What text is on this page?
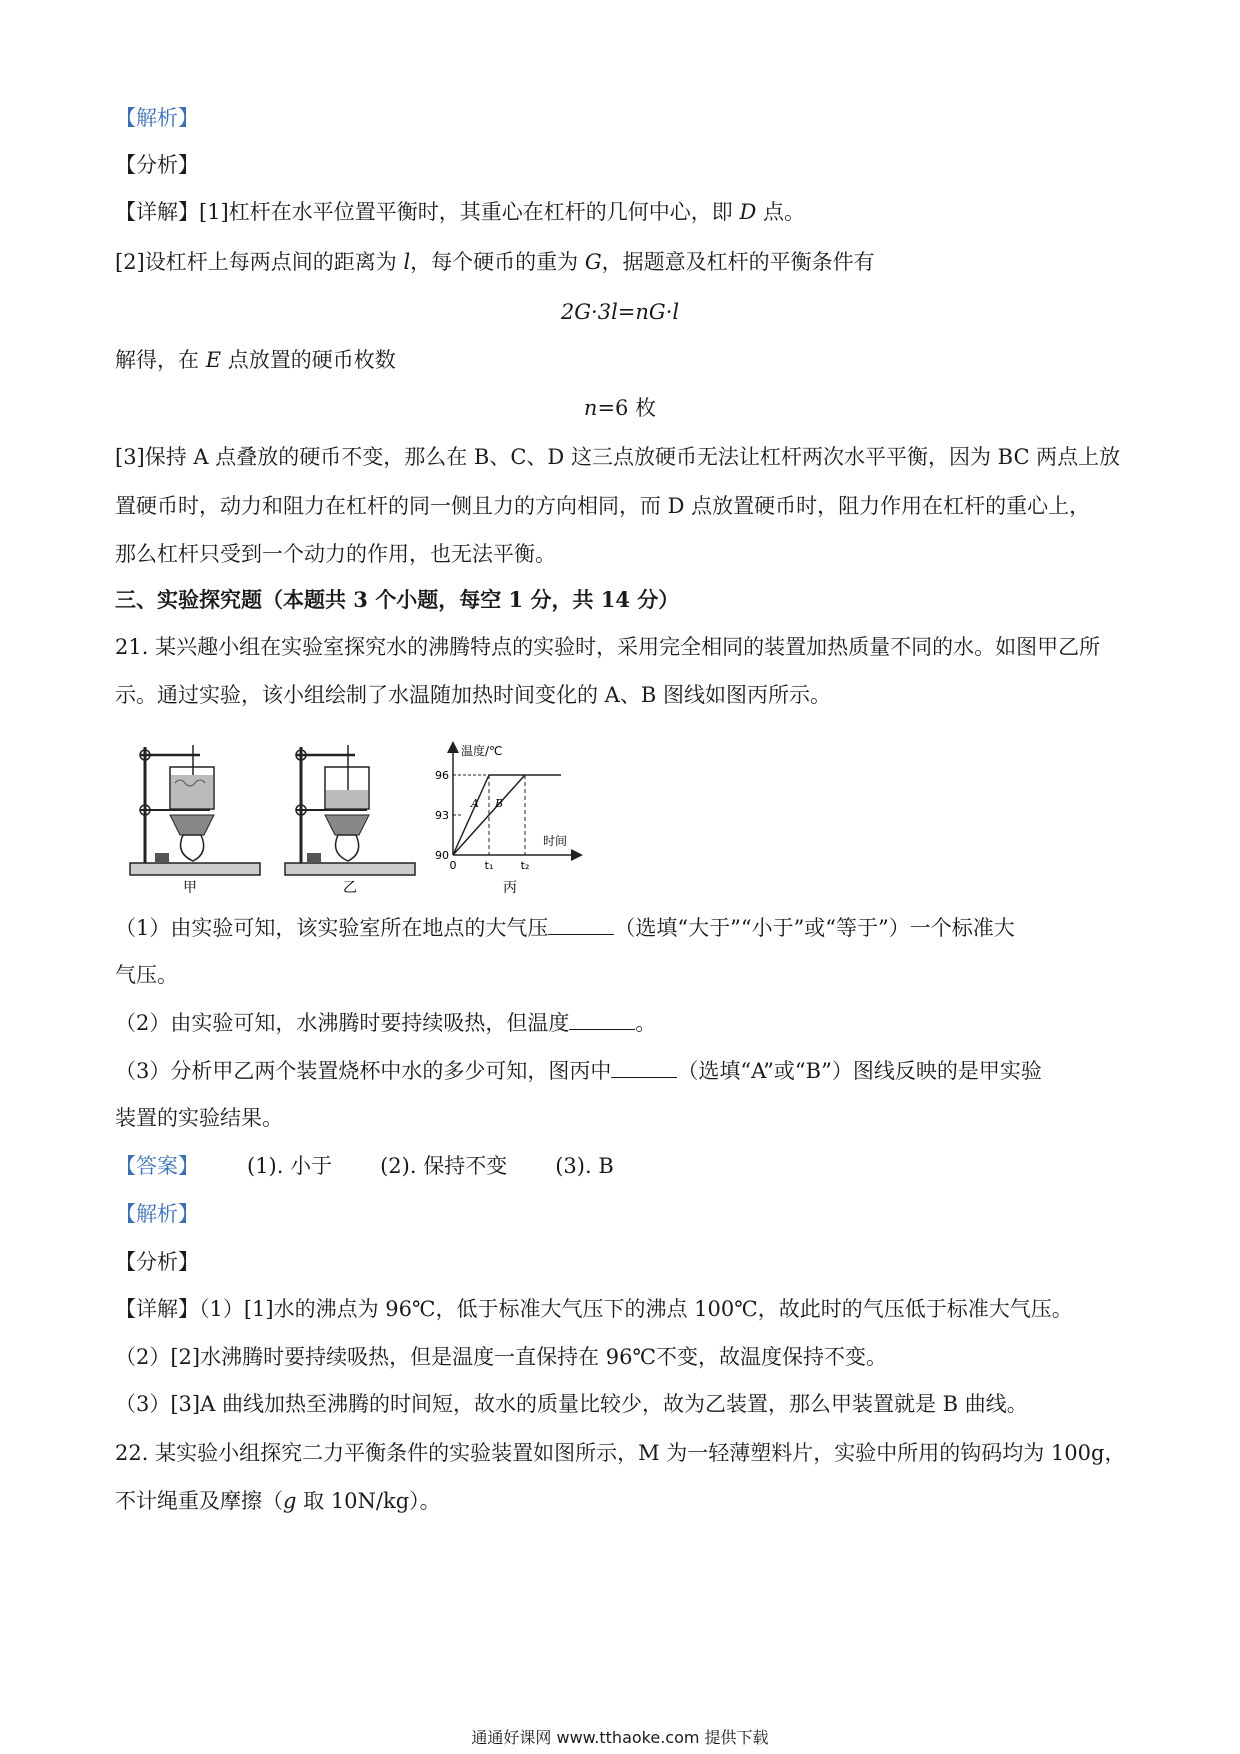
【解析】
【分析】
【详解】[1]杠杆在水平位置平衡时，其重心在杠杆的几何中心，即 D 点。
[2]设杠杆上每两点间的距离为 l，每个硬币的重为 G，据题意及杠杆的平衡条件有
2G·3l=nG·l
解得，在 E 点放置的硬币枚数
n=6 枚
[3]保持 A 点叠放的硬币不变，那么在 B、C、D 这三点放硬币无法让杠杆两次水平平衡，因为 BC 两点上放
置硬币时，动力和阻力在杠杆的同一侧且力的方向相同，而 D 点放置硬币时，阻力作用在杠杆的重心上，
那么杠杆只受到一个动力的作用，也无法平衡。
三、实验探究题（本题共 3 个小题，每空 1 分，共 14 分）
21. 某兴趣小组在实验室探究水的沸腾特点的实验时，采用完全相同的装置加热质量不同的水。如图甲乙所
示。通过实验，该小组绘制了水温随加热时间变化的 A、B 图线如图丙所示。
甲	乙
90
93
96
0	t₁ t₂
A B
温度/℃
时间
丙
（1）由实验可知，该实验室所在地点的大气压	（选填“大于”“小于”或“等于”）一个标准大
气压。
（2）由实验可知，水沸腾时要持续吸热，但温度	。
（3）分析甲乙两个装置烧杯中水的多少可知，图丙中	（选填“A”或“B”）图线反映的是甲实验
装置的实验结果。
【答案】 (1). 小于 (2). 保持不变 (3). B
【解析】
【分析】
【详解】（1）[1]水的沸点为 96℃，低于标准大气压下的沸点 100℃，故此时的气压低于标准大气压。
（2）[2]水沸腾时要持续吸热，但是温度一直保持在 96℃不变，故温度保持不变。
（3）[3]A 曲线加热至沸腾的时间短，故水的质量比较少，故为乙装置，那么甲装置就是 B 曲线。
22. 某实验小组探究二力平衡条件的实验装置如图所示，M 为一轻薄塑料片，实验中所用的钩码均为 100g，
不计绳重及摩擦（g 取 10N/kg）。
通通好课网 www.tthaoke.com 提供下载
